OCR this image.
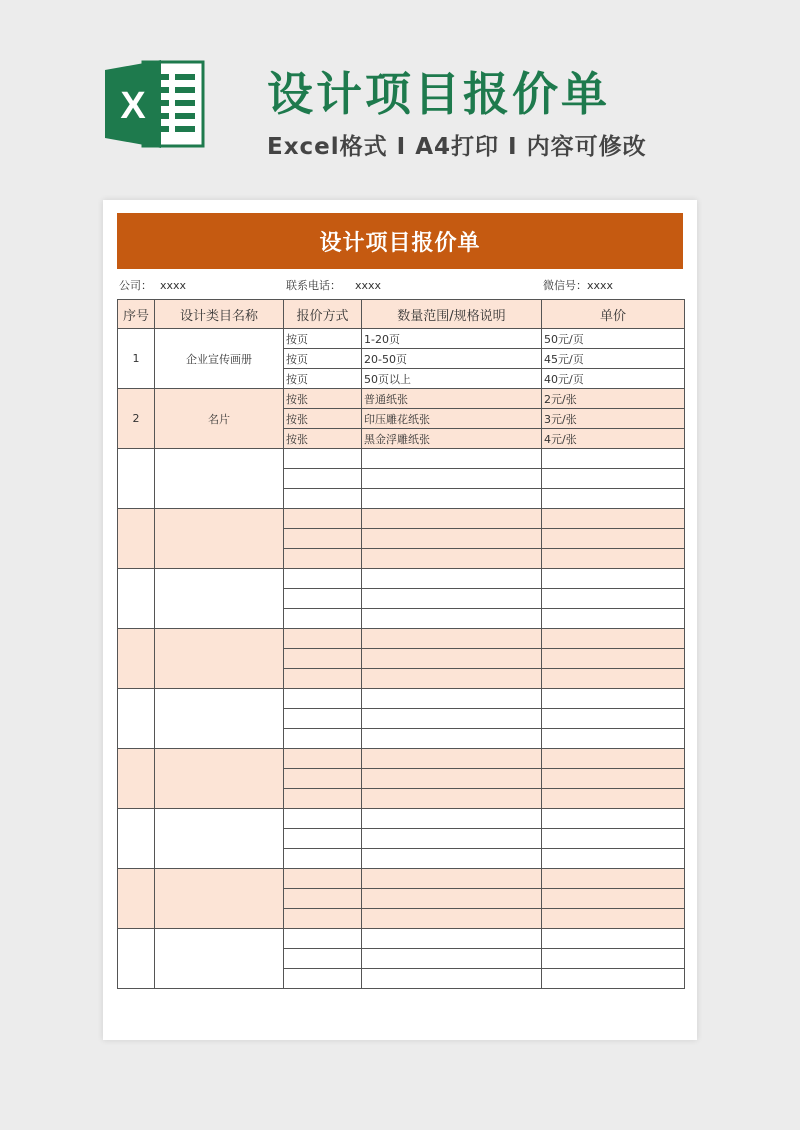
X	设计项目报价单
Excel格式 I A4打印 I 内容可修改
设计项目报价单
公司： xxxx	联系电话： xxxx	微信号：xxxx
序号	设计类目名称	报价方式	数量范围/规格说明	单价
1	企业宣传画册	按页	1-20页	50元/页
		按页	20-50页	45元/页
		按页	50页以上	40元/页
2	名片	按张	普通纸张	2元/张
		按张	印压雕花纸张	3元/张
		按张	黑金浮雕纸张	4元/张
